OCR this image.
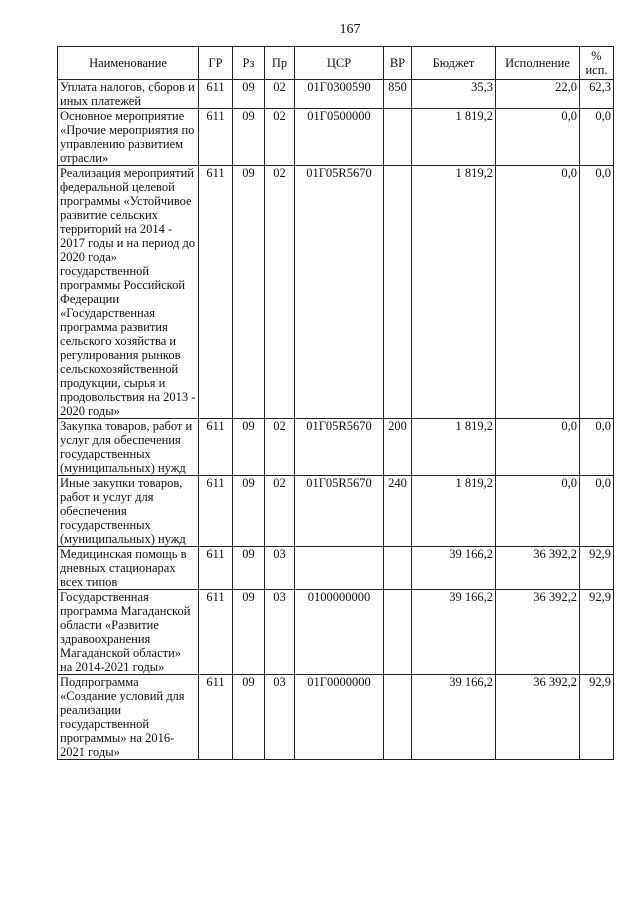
167
Наименование	ГР	Рз	Пр	ЦСР	ВР	Бюджет	Исполнение	% исп.
Уплата налогов, сборов и иных платежей	611	09	02	01Г0300590	850	35,3	22,0	62,3
Основное мероприятие «Прочие мероприятия по управлению развитием отрасли»	611	09	02	01Г0500000		1 819,2	0,0	0,0
Реализация мероприятий федеральной целевой программы «Устойчивое развитие сельских территорий на 2014 - 2017 годы и на период до 2020 года» государственной программы Российской Федерации «Государственная программа развития сельского хозяйства и регулирования рынков сельскохозяйственной продукции, сырья и продовольствия на 2013 - 2020 годы»	611	09	02	01Г05R5670		1 819,2	0,0	0,0
Закупка товаров, работ и услуг для обеспечения государственных (муниципальных) нужд	611	09	02	01Г05R5670	200	1 819,2	0,0	0,0
Иные закупки товаров, работ и услуг для обеспечения государственных (муниципальных) нужд	611	09	02	01Г05R5670	240	1 819,2	0,0	0,0
Медицинская помощь в дневных стационарах всех типов	611	09	03			39 166,2	36 392,2	92,9
Государственная программа Магаданской области «Развитие здравоохранения Магаданской области» на 2014-2021 годы»	611	09	03	0100000000		39 166,2	36 392,2	92,9
Подпрограмма «Создание условий для реализации государственной программы» на 2016-2021 годы»	611	09	03	01Г0000000		39 166,2	36 392,2	92,9
